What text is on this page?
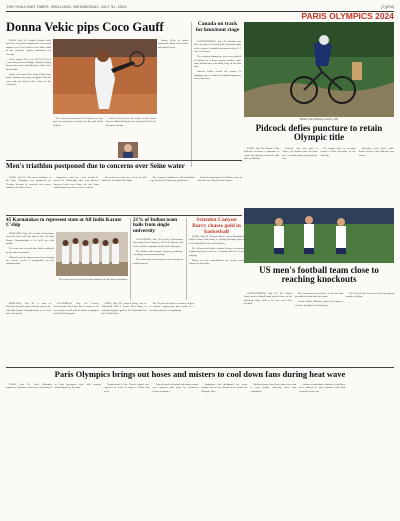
THE SHILLONG TIMES, SHILLONG, WEDNESDAY, JULY 31, 2024	(7)(EN)
PARIS OLYMPICS 2024
Donna Vekic pips Coco Gauff

PARIS, July 30: Croatia's Donna Vekic held off a second-set fightback to stun world number two Coco Gauff in the third round of the Olympic singles tournament on Tuesday.

Vekic, ranked 21st, won 7-6 (9-7) 6-2 on a sun-soaked Court Philippe Chatrier, hitting deep returns and controlling the rallies from the baseline.

Gauff, who carried the United States flag at the opening ceremony, struggled with her serve and was broken three times in the second set.

The American had won the US Open last year and was among the favourites for the gold medal in Paris.

Vekic will next face the winner of the match between Marta Kostyuk and Angelique Kerber in the quarter-finals.

Donna Vekic in action during the third round match at Roland Garros.

Canada on track for knockout stage

SAINT-ETIENNE, July 30: Canada kept alive its hopes of reaching the knockout stage of the women's football tournament with a 2-1 win over France.

The reigning champions, who were docked six points for a drone spying scandal, came from behind after conceding early in the first half.

Vanessa Gilles scored the winner in stoppage time to send the Canadian supporters into celebration.

Britain's Tom Pidcock in action. (AP)
Pidcock defies puncture to retain Olympic title

PARIS, July 30: Britain's Tom Pidcock overcame a puncture to retain his Olympic mountain bike title on Monday.

Pidcock, who won gold in Tokyo, fell behind after his front tyre went flat midway through the race.

He fought back to overtake France's Victor Koretzky on the final lap.

Koretzky took silver while South Africa's Alan Hatherly won bronze.

Men's triathlon postponed due to concerns over Seine water

PARIS, July 30: The men's triathlon at the Paris Olympics was postponed on Tuesday because of concerns over water quality in the River Seine.

Organisers said the event would be moved to Wednesday after tests showed bacteria levels were above the safe limit following heavy rain over the weekend.

The swim leg of the race was to be held under the Alexandre III bridge.

The women's triathlon is still scheduled to go ahead on Wednesday as planned.

Paris has spent about 1.4 billion euros to clean the river ahead of the Games.

45 Karnatakas to represent state at All India Karate C'ship

SHILLONG, July 30: A team of karatekas from the state will take part in the All India Karate Championship to be held later this month.

The team was selected after trials conducted by the state association.

Officials said the players have been training for several weeks in preparation for the championship.

The team was selected after trials conducted by the state association.

21% of Indian team hails from single university

JALANDHAR, July 30: Lovely Professional University has as many as 24 of its athletes and staff in India's contingent at the Paris Olympics.

The athletes will compete in hockey, athletics, wrestling, boxing and shooting.

The university has announced cash awards for medal winners.

Scientist Canyon Barry chases gold in basketball

PARIS, July 30: Canyon Barry, son of Basketball Hall of Famer Rick Barry, is chasing Olympic gold in 3x3 basketball for the United States.

The 30-year-old holds a master's degree in nuclear engineering and works as a scientist when he is not playing.

Barry uses the underhanded free throw made famous by his father.

US men's football team close to reaching knockouts

SAINT-ETIENNE, July 30: The United States men's football team moved closer to the knockout stage with a 3-0 win over New Zealand.

The Americans scored twice in the first half and added a third after the break.

Coach Marko Mitrovic praised his players for their discipline and finishing.

The US will face Guinea in their final group match on Friday.

SHILLONG, July 30: A team of karatekas from the state will take part in the All India Karate Championship to be held later this month.

JALANDHAR, July 30: Lovely Professional University has as many as 24 of its athletes and staff in India's contingent at the Paris Olympics.

PARIS, July 30: Canyon Barry, son of Basketball Hall of Famer Rick Barry, is chasing Olympic gold in 3x3 basketball for the United States.

The 30-year-old holds a master's degree in nuclear engineering and works as a scientist when he is not playing.

Paris Olympics brings out hoses and misters to cool down fans during heat wave

PARIS, July 30: Paris Olympics organisers deployed water hoses and misters to help spectators cope with soaring temperatures on Tuesday.

Temperatures in the French capital were expected to reach 35 degrees Celsius this week.

Fans at beach volleyball and tennis venues were sprayed with water by volunteers between matches.

Organisers also distributed free water bottles and set up shaded areas across the Olympic sites.

Medical teams have been placed on alert to treat people suffering from heat exhaustion.

Athletes competing in outdoor events have been advised to stay hydrated and limit exposure to the sun.
